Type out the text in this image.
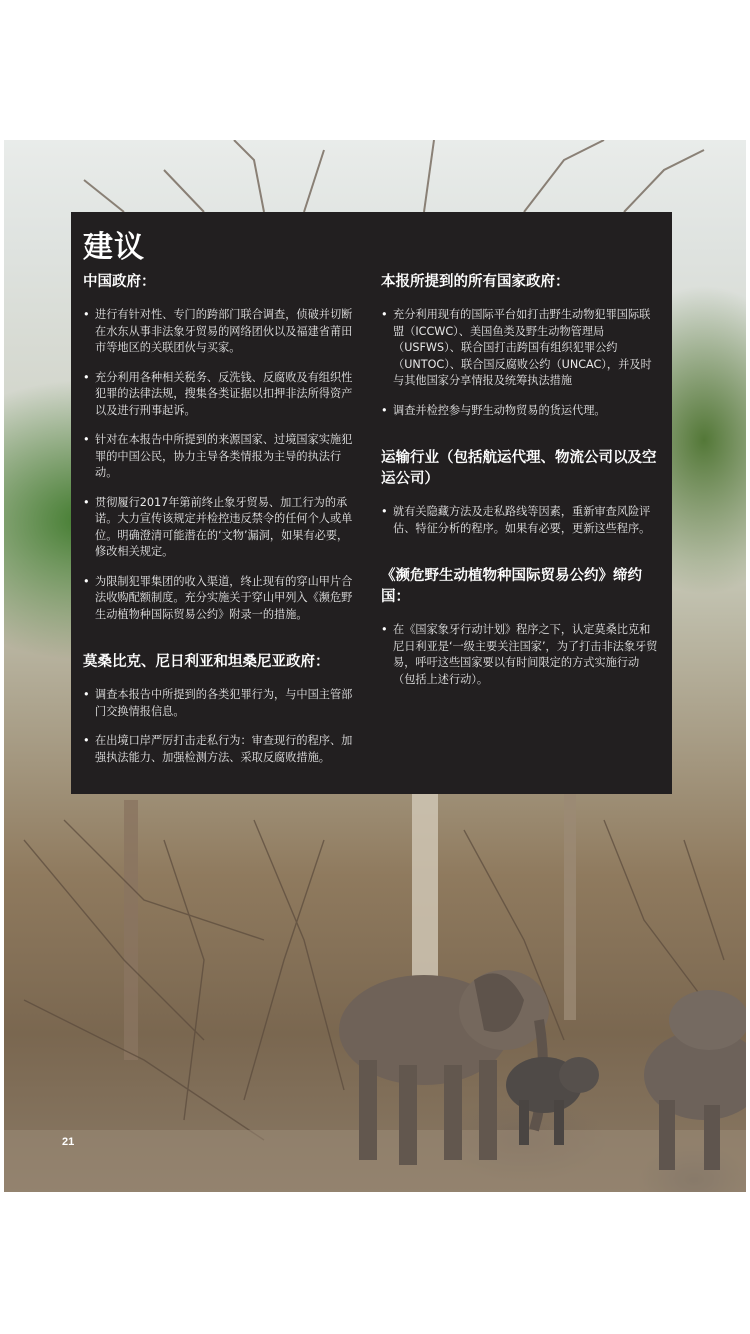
建议
中国政府：
• 进行有针对性、专门的跨部门联合调查，侦破并切断在水东从事非法象牙贸易的网络团伙以及福建省莆田市等地区的关联团伙与买家。
• 充分利用各种相关税务、反洗钱、反腐败及有组织性犯罪的法律法规，搜集各类证据以扣押非法所得资产以及进行刑事起诉。
• 针对在本报告中所提到的来源国家、过境国家实施犯罪的中国公民，协力主导各类情报为主导的执法行动。
• 贯彻履行2017年第前终止象牙贸易、加工行为的承诺。大力宣传该规定并检控违反禁令的任何个人或单位。明确澄清可能潜在的‘文物’漏洞，如果有必要，修改相关规定。
• 为限制犯罪集团的收入渠道，终止现有的穿山甲片合法收购配额制度。充分实施关于穿山甲列入《濒危野生动植物种国际贸易公约》附录一的措施。
莫桑比克、尼日利亚和坦桑尼亚政府：
• 调查本报告中所提到的各类犯罪行为，与中国主管部门交换情报信息。
• 在出境口岸严厉打击走私行为：审查现行的程序、加强执法能力、加强检测方法、采取反腐败措施。
本报所提到的所有国家政府：
• 充分利用现有的国际平台如打击野生动物犯罪国际联盟（ICCWC）、美国鱼类及野生动物管理局（USFWS）、联合国打击跨国有组织犯罪公约（UNTOC）、联合国反腐败公约（UNCAC），并及时与其他国家分享情报及统筹执法措施
• 调查并检控参与野生动物贸易的货运代理。
运输行业（包括航运代理、物流公司以及空运公司）
• 就有关隐藏方法及走私路线等因素，重新审查风险评估、特征分析的程序。如果有必要，更新这些程序。
《濒危野生动植物种国际贸易公约》缔约国：
• 在《国家象牙行动计划》程序之下，认定莫桑比克和尼日利亚是‘一级主要关注国家’，为了打击非法象牙贸易，呼吁这些国家要以有时间限定的方式实施行动（包括上述行动）。
21
